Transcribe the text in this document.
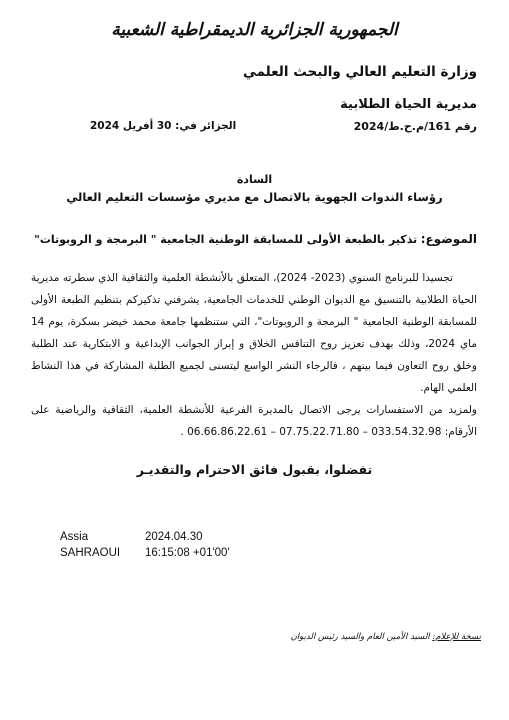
الجمهورية الجزائرية الديمقراطية الشعبية
وزارة التعليم العالي والبحث العلمي
مديرية الحياة الطلابية
رقم 161/م.ح.ط/2024
الجزائر في: 30 أفريل 2024
السادة
رؤساء الندوات الجهوية بالاتصال مع مديري مؤسسات التعليم العالي
الموضوع: تذكير بالطبعة الأولى للمسابقة الوطنية الجامعية " البرمجة و الروبوتات"

تجسيدا للبرنامج السنوي (2023- 2024)، المتعلق بالأنشطة العلمية والثقافية الذي سطرته مديرية الحياة الطلابية بالتنسيق مع الديوان الوطني للخدمات الجامعية، يشرفني تذكيركم بتنظيم الطبعة الأولى للمسابقة الوطنية الجامعية " البرمجة و الروبوتات"، التي ستنظمها جامعة محمد خيضر بسكرة، يوم 14 ماي 2024، وذلك بهدف تعزيز روح التنافس الخلاق و إبراز الجوانب الإبداعية و الابتكارية عند الطلبة وخلق روح التعاون فيما بينهم ، فالرجاء النشر الواسع ليتسنى لجميع الطلبة المشاركة في هذا النشاط العلمي الهام.

ولمزيد من الاستفسارات يرجى الاتصال بالمديرة الفرعية للأنشطة العلمية، الثقافية والرياضية على الأرقام: 033.54.32.98 – 07.75.22.71.80 – 06.66.86.22.61 .

تفضلوا، بقبول فائق الاحترام والتقديـر
Assia
SAHRAOUI
2024.04.30
16:15:08 +01'00'
نسخة للإعلام: السيد الأمين العام والسيد رئيس الديوان
